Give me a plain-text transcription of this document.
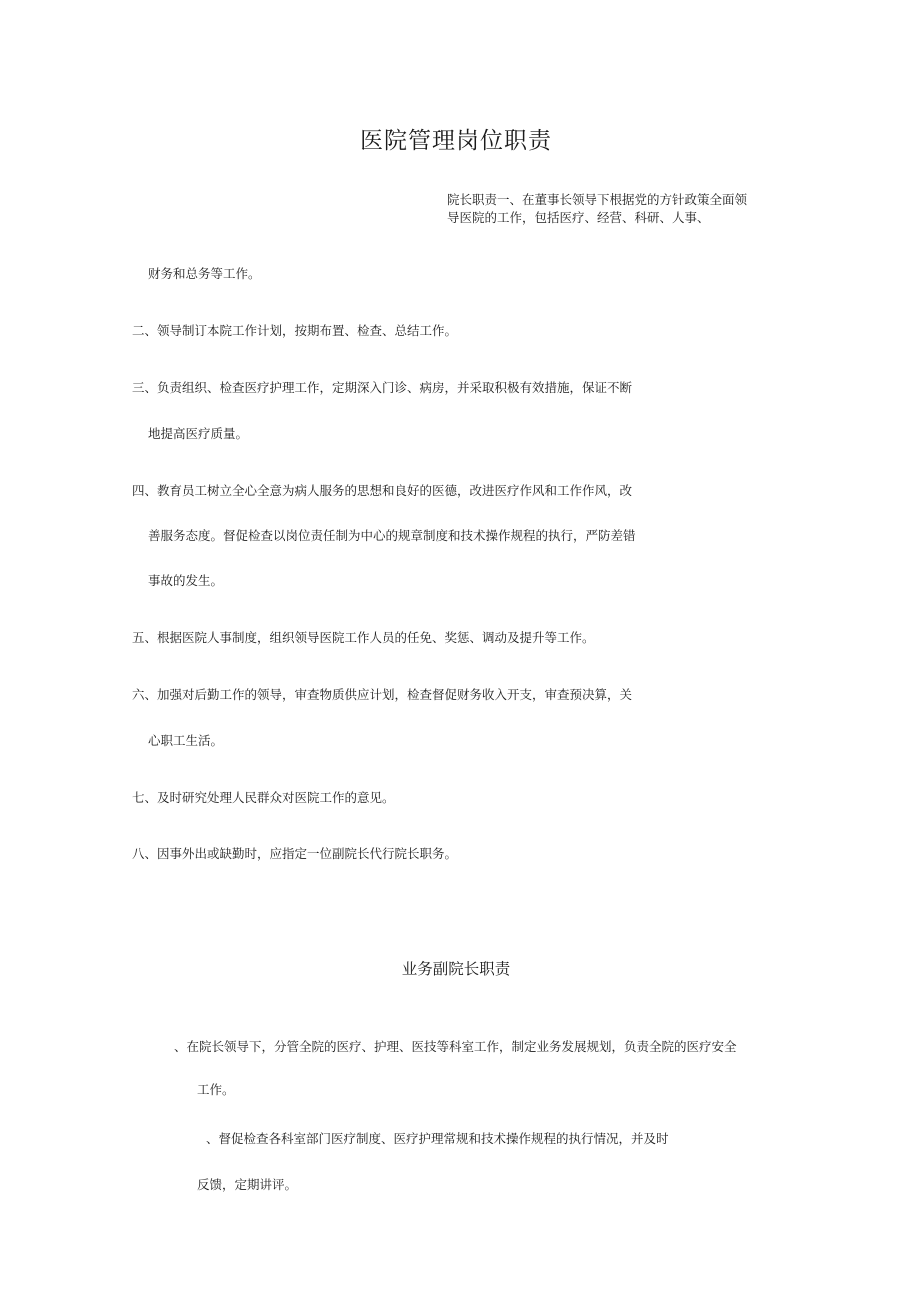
医院管理岗位职责

院长职责一、在董事长领导下根据党的方针政策全面领

导医院的工作，包括医疗、经营、科研、人事、

财务和总务等工作。

二、领导制订本院工作计划，按期布置、检查、总结工作。

三、负责组织、检查医疗护理工作，定期深入门诊、病房，并采取积极有效措施，保证不断

地提高医疗质量。

四、教育员工树立全心全意为病人服务的思想和良好的医德，改进医疗作风和工作作风，改

善服务态度。督促检查以岗位责任制为中心的规章制度和技术操作规程的执行，严防差错

事故的发生。

五、根据医院人事制度，组织领导医院工作人员的任免、奖惩、调动及提升等工作。

六、加强对后勤工作的领导，审查物质供应计划，检查督促财务收入开支，审查预决算，关

心职工生活。

七、及时研究处理人民群众对医院工作的意见。

八、因事外出或缺勤时，应指定一位副院长代行院长职务。

业务副院长职责

、在院长领导下，分管全院的医疗、护理、医技等科室工作，制定业务发展规划，负责全院的医疗安全

工作。

、督促检查各科室部门医疗制度、医疗护理常规和技术操作规程的执行情况，并及时

反馈，定期讲评。
